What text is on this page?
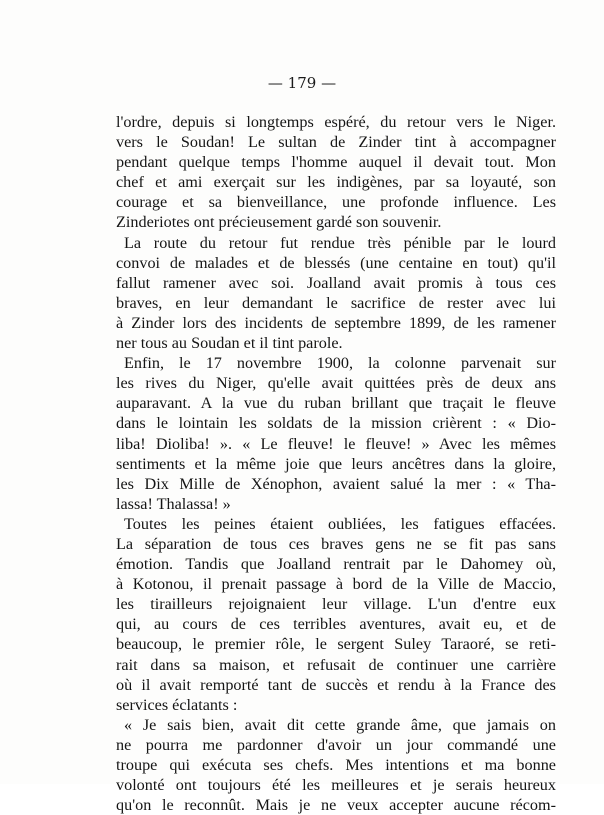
— 179 —
l'ordre, depuis si longtemps espéré, du retour vers le Niger.
vers le Soudan! Le sultan de Zinder tint à accompagner
pendant quelque temps l'homme auquel il devait tout. Mon
chef et ami exerçait sur les indigènes, par sa loyauté, son
courage et sa bienveillance, une profonde influence. Les
Zinderiotes ont précieusement gardé son souvenir.
La route du retour fut rendue très pénible par le lourd
convoi de malades et de blessés (une centaine en tout) qu'il
fallut ramener avec soi. Joalland avait promis à tous ces
braves, en leur demandant le sacrifice de rester avec lui
à Zinder lors des incidents de septembre 1899, de les ramener
ner tous au Soudan et il tint parole.
Enfin, le 17 novembre 1900, la colonne parvenait sur
les rives du Niger, qu'elle avait quittées près de deux ans
auparavant. A la vue du ruban brillant que traçait le fleuve
dans le lointain les soldats de la mission crièrent : « Dio-
liba! Dioliba! ». « Le fleuve! le fleuve! » Avec les mêmes
sentiments et la même joie que leurs ancêtres dans la gloire,
les Dix Mille de Xénophon, avaient salué la mer : « Tha-
lassa! Thalassa! »
Toutes les peines étaient oubliées, les fatigues effacées.
La séparation de tous ces braves gens ne se fit pas sans
émotion. Tandis que Joalland rentrait par le Dahomey où,
à Kotonou, il prenait passage à bord de la Ville de Maccio,
les tirailleurs rejoignaient leur village. L'un d'entre eux
qui, au cours de ces terribles aventures, avait eu, et de
beaucoup, le premier rôle, le sergent Suley Taraoré, se reti-
rait dans sa maison, et refusait de continuer une carrière
où il avait remporté tant de succès et rendu à la France des
services éclatants :
« Je sais bien, avait dit cette grande âme, que jamais on
ne pourra me pardonner d'avoir un jour commandé une
troupe qui exécuta ses chefs. Mes intentions et ma bonne
volonté ont toujours été les meilleures et je serais heureux
qu'on le reconnût. Mais je ne veux accepter aucune récom-
